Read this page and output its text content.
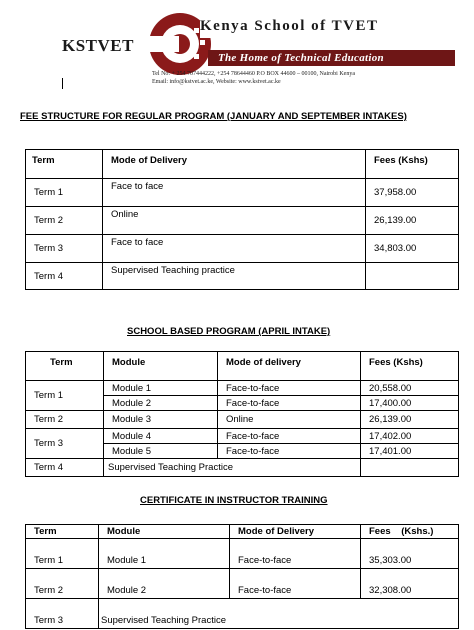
KSTVET
Kenya School of TVET
The Home of Technical Education
Tel No: + 254 707444222, +254 78644460 P.O BOX 44600 – 00100, Nairobi Kenya
Email: info@kstvet.ac.ke, Website: www.kstvet.ac.ke
FEE STRUCTURE FOR REGULAR PROGRAM (JANUARY AND SEPTEMBER INTAKES)
Term	Mode of Delivery	Fees (Kshs)
Term 1	Face to face	37,958.00
Term 2	Online	26,139.00
Term 3	Face to face	34,803.00
Term 4	Supervised Teaching practice	
SCHOOL BASED PROGRAM (APRIL INTAKE)
Term	Module	Mode of delivery	Fees (Kshs)
Term 1	Module 1	Face-to-face	20,558.00
	Module 2	Face-to-face	17,400.00
Term 2	Module 3	Online	26,139.00
Term 3	Module 4	Face-to-face	17,402.00
	Module 5	Face-to-face	17,401.00
Term 4	Supervised Teaching Practice		
CERTIFICATE IN INSTRUCTOR TRAINING
Term	Module	Mode of Delivery	Fees    (Kshs.)
Term 1	Module 1	Face-to-face	35,303.00
Term 2	Module 2	Face-to-face	32,308.00
Term 3	Supervised Teaching Practice		
